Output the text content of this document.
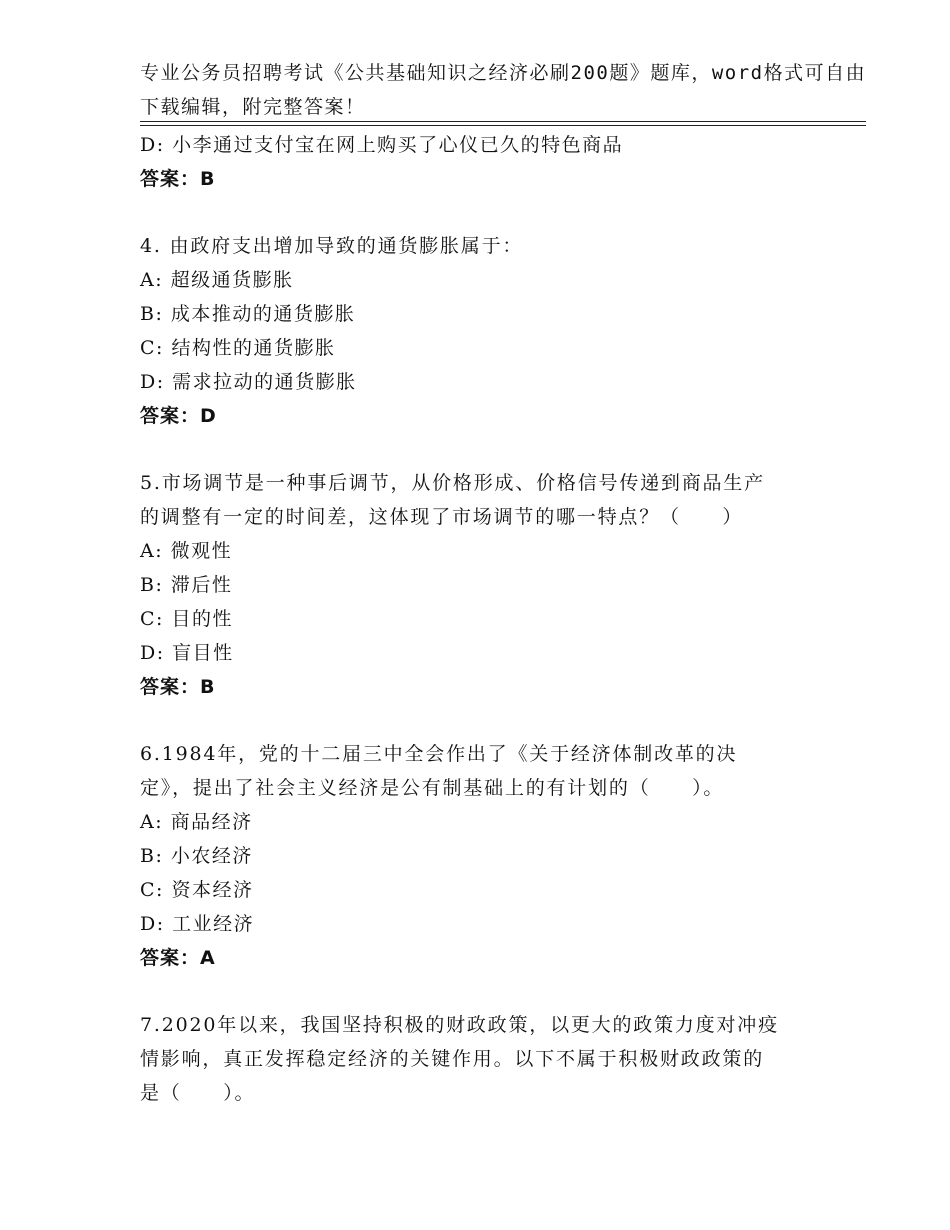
专业公务员招聘考试《公共基础知识之经济必刷200题》题库，word格式可自由
下载编辑，附完整答案！
D: 小李通过支付宝在网上购买了心仪已久的特色商品
答案：B
4. 由政府支出增加导致的通货膨胀属于：
A: 超级通货膨胀
B: 成本推动的通货膨胀
C: 结构性的通货膨胀
D: 需求拉动的通货膨胀
答案：D
5.市场调节是一种事后调节，从价格形成、价格信号传递到商品生产
的调整有一定的时间差，这体现了市场调节的哪一特点？（　　）
A: 微观性
B: 滞后性
C: 目的性
D: 盲目性
答案：B
6.1984年，党的十二届三中全会作出了《关于经济体制改革的决
定》，提出了社会主义经济是公有制基础上的有计划的（　　）。
A: 商品经济
B: 小农经济
C: 资本经济
D: 工业经济
答案：A
7.2020年以来，我国坚持积极的财政政策，以更大的政策力度对冲疫
情影响，真正发挥稳定经济的关键作用。以下不属于积极财政政策的
是（　　）。
